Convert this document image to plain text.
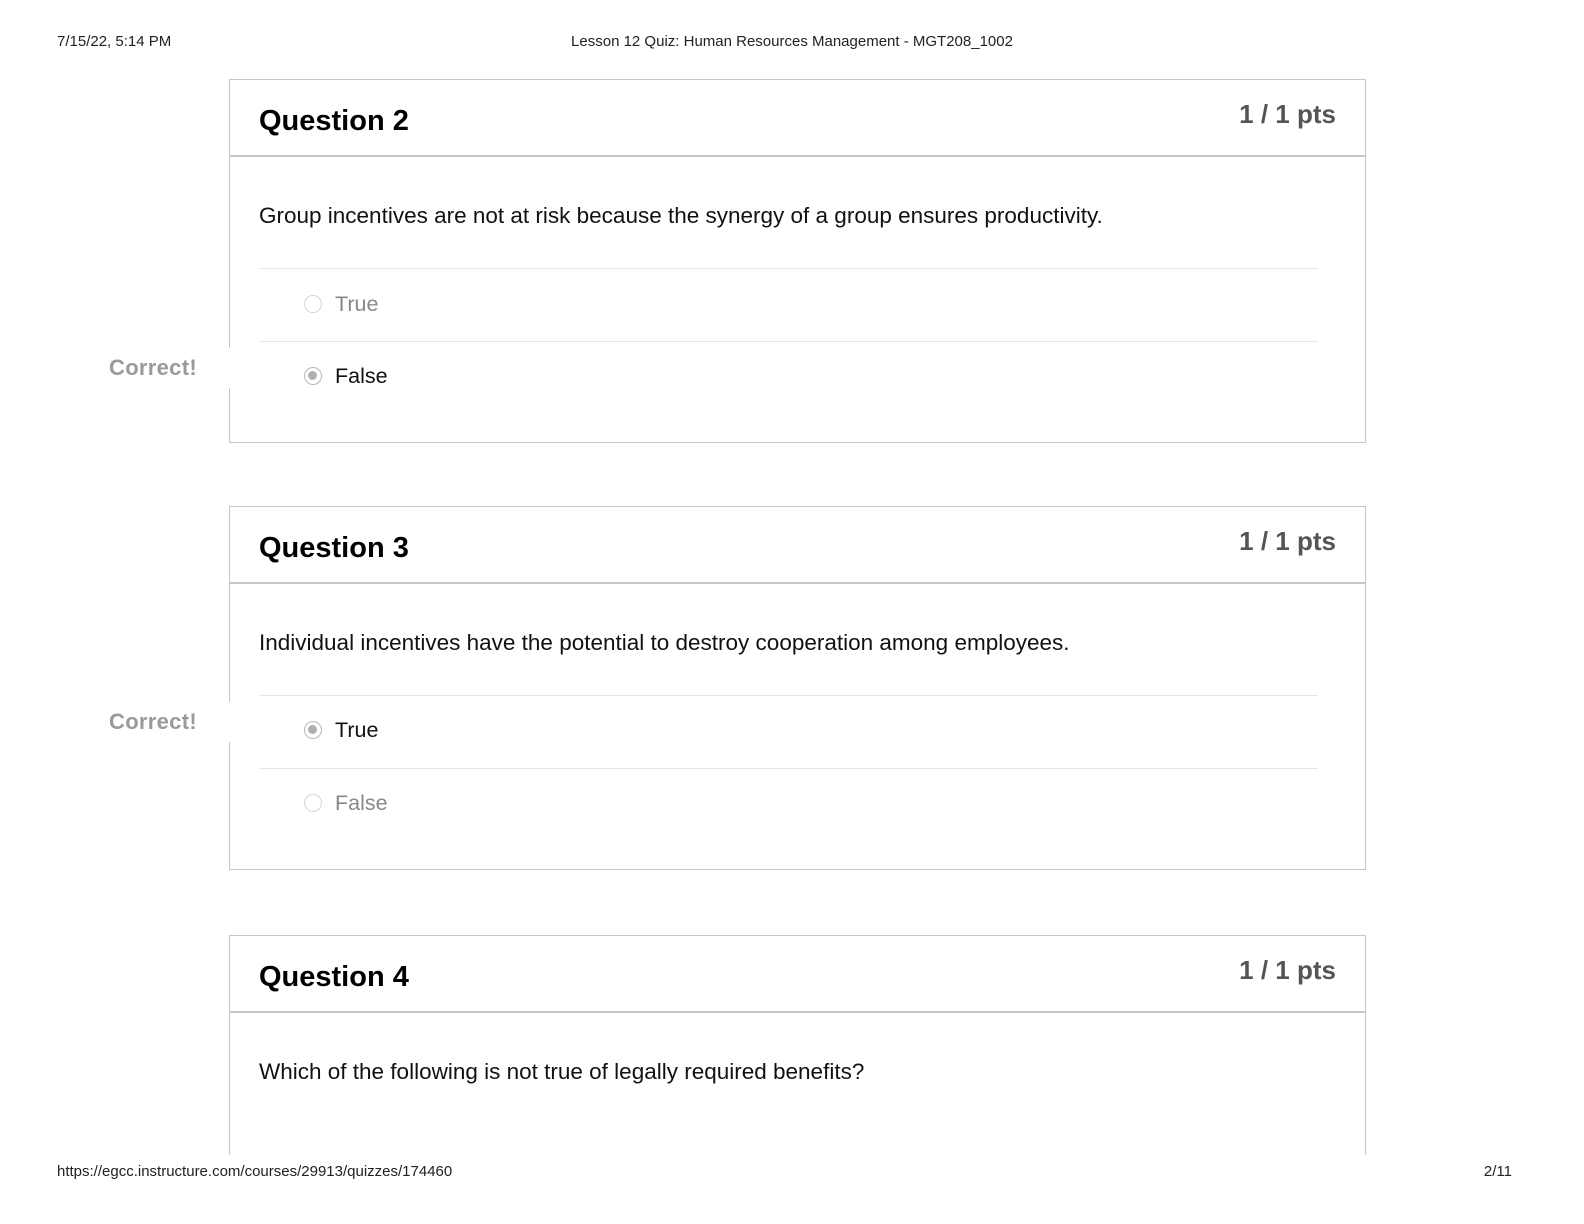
7/15/22, 5:14 PM	Lesson 12 Quiz: Human Resources Management - MGT208_1002
Question 2	1 / 1 pts
Group incentives are not at risk because the synergy of a group ensures productivity.
True
False
Correct!
Question 3	1 / 1 pts
Individual incentives have the potential to destroy cooperation among employees.
True
False
Correct!
Question 4	1 / 1 pts
Which of the following is not true of legally required benefits?
https://egcc.instructure.com/courses/29913/quizzes/174460	2/11
